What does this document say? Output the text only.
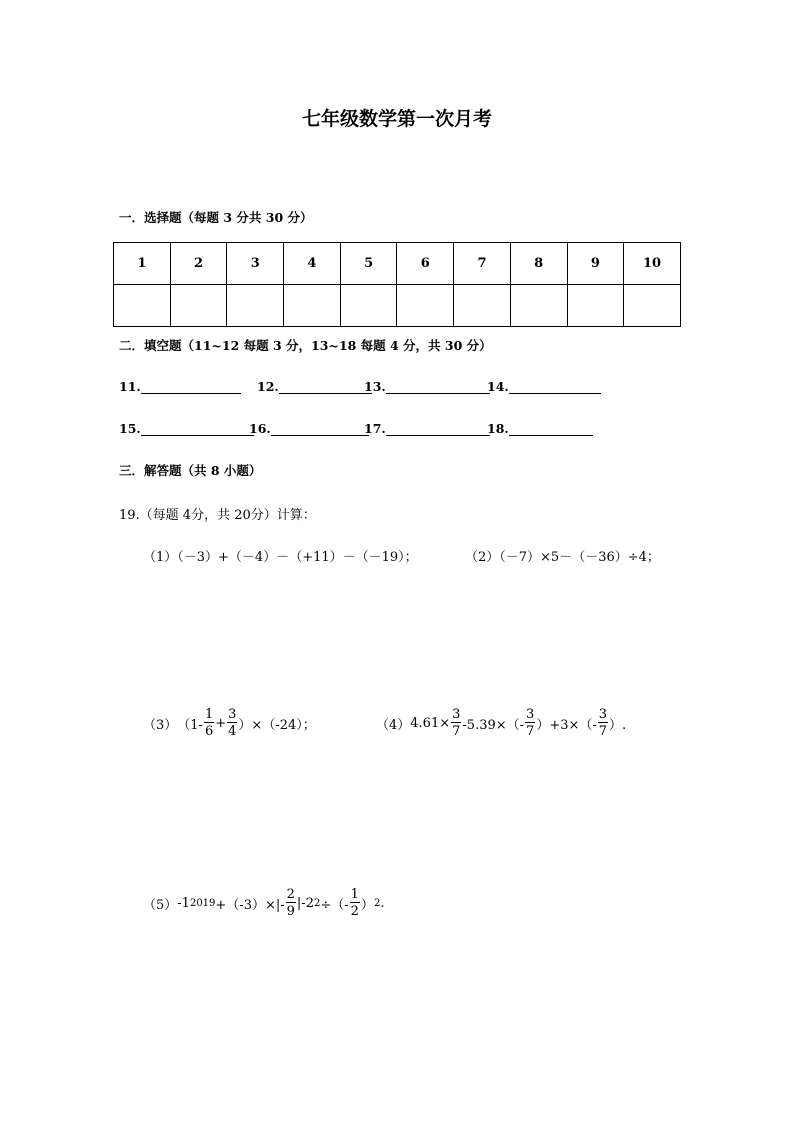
七年级数学第一次月考
一．选择题（每题 3 分共 30 分）
1	2	3	4	5	6	7	8	9	10

二．填空题（11~12 每题 3 分，13~18 每题 4 分，共 30 分）
11.	12.	13.	14.
15.	16.	17.	18.
三．解答题（共 8 小题）
19.（每题 4分，共 20分）计算：
（1）（－3）+（－4）－（+11）－（－19）；	（2）（－7）×5－（－36）÷4；
（3） $(1- \frac{1}{6} + \frac{3}{4} )\times(-24)$；	（4） $4.61\times \frac{3}{7} -5.39\times(- \frac{3}{7} )+3\times(- \frac{3}{7}$ ）.
（5） -1 $2019 +(-3)\times|- \frac{2}{9} |-2$ 2 ÷（- $\frac{1}{2}$ ） 2 .
